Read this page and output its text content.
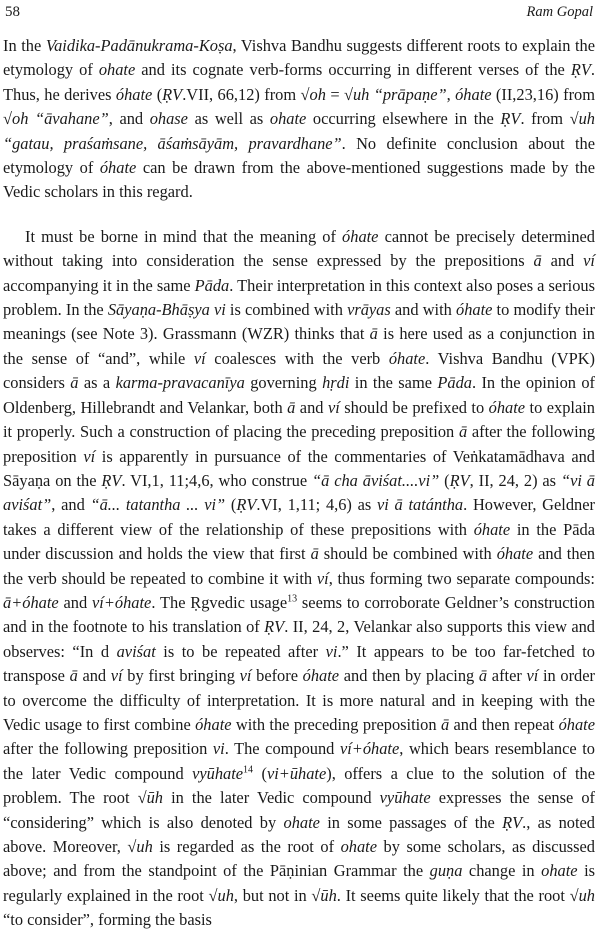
58	Ram Gopal

In the Vaidika-Padānukrama-Koṣa, Vishva Bandhu suggests different roots to explain the etymology of ohate and its cognate verb-forms occurring in different verses of the ṚV. Thus, he derives óhate (ṚV.VII, 66,12) from √oh = √uh “prāpaṇe”, óhate (II,23,16) from √oh “āvahane”, and ohase as well as ohate occurring elsewhere in the ṚV. from √uh “gatau, praśaṁsane, āśaṁsāyām, pravardhane”. No definite conclusion about the etymology of óhate can be drawn from the above-mentioned suggestions made by the Vedic scholars in this regard.

It must be borne in mind that the meaning of óhate cannot be precisely determined without taking into consideration the sense expressed by the prepositions ā and ví accompanying it in the same Pāda. Their interpretation in this context also poses a serious problem. In the Sāyaṇa-Bhāṣya vi is combined with vrāyas and with óhate to modify their meanings (see Note 3). Grassmann (WZR) thinks that ā is here used as a conjunction in the sense of “and”, while ví coalesces with the verb óhate. Vishva Bandhu (VPK) considers ā as a karma-pravacanīya governing hṛdi in the same Pāda. In the opinion of Oldenberg, Hillebrandt and Velankar, both ā and ví should be prefixed to óhate to explain it properly. Such a construction of placing the preceding preposition ā after the following preposition ví is apparently in pursuance of the commentaries of Veṅkatamādhava and Sāyaṇa on the ṚV. VI,1, 11;4,6, who construe “ā cha āviśat....vi” (ṚV, II, 24, 2) as “vi ā aviśat”, and “ā... tatantha ... vi” (ṚV.VI, 1,11; 4,6) as vi ā tatántha. However, Geldner takes a different view of the relationship of these prepositions with óhate in the Pāda under discussion and holds the view that first ā should be combined with óhate and then the verb should be repeated to combine it with ví, thus forming two separate compounds: ā+óhate and ví+óhate. The Ṛgvedic usage$^{13}$ seems to corroborate Geldner’s construction and in the footnote to his translation of ṚV. II, 24, 2, Velankar also supports this view and observes: “In d aviśat is to be repeated after vi.” It appears to be too far-fetched to transpose ā and ví by first bringing ví before óhate and then by placing ā after ví in order to overcome the difficulty of interpretation. It is more natural and in keeping with the Vedic usage to first combine óhate with the preceding preposition ā and then repeat óhate after the following preposition vi. The compound ví+óhate, which bears resemblance to the later Vedic compound vyūhate$^{14}$ (vi+ūhate), offers a clue to the solution of the problem. The root √ūh in the later Vedic compound vyūhate expresses the sense of “considering” which is also denoted by ohate in some passages of the ṚV., as noted above. Moreover, √uh is regarded as the root of ohate by some scholars, as discussed above; and from the standpoint of the Pāṇinian Grammar the guṇa change in ohate is regularly explained in the root √uh, but not in √ūh. It seems quite likely that the root √uh “to consider”, forming the basis
